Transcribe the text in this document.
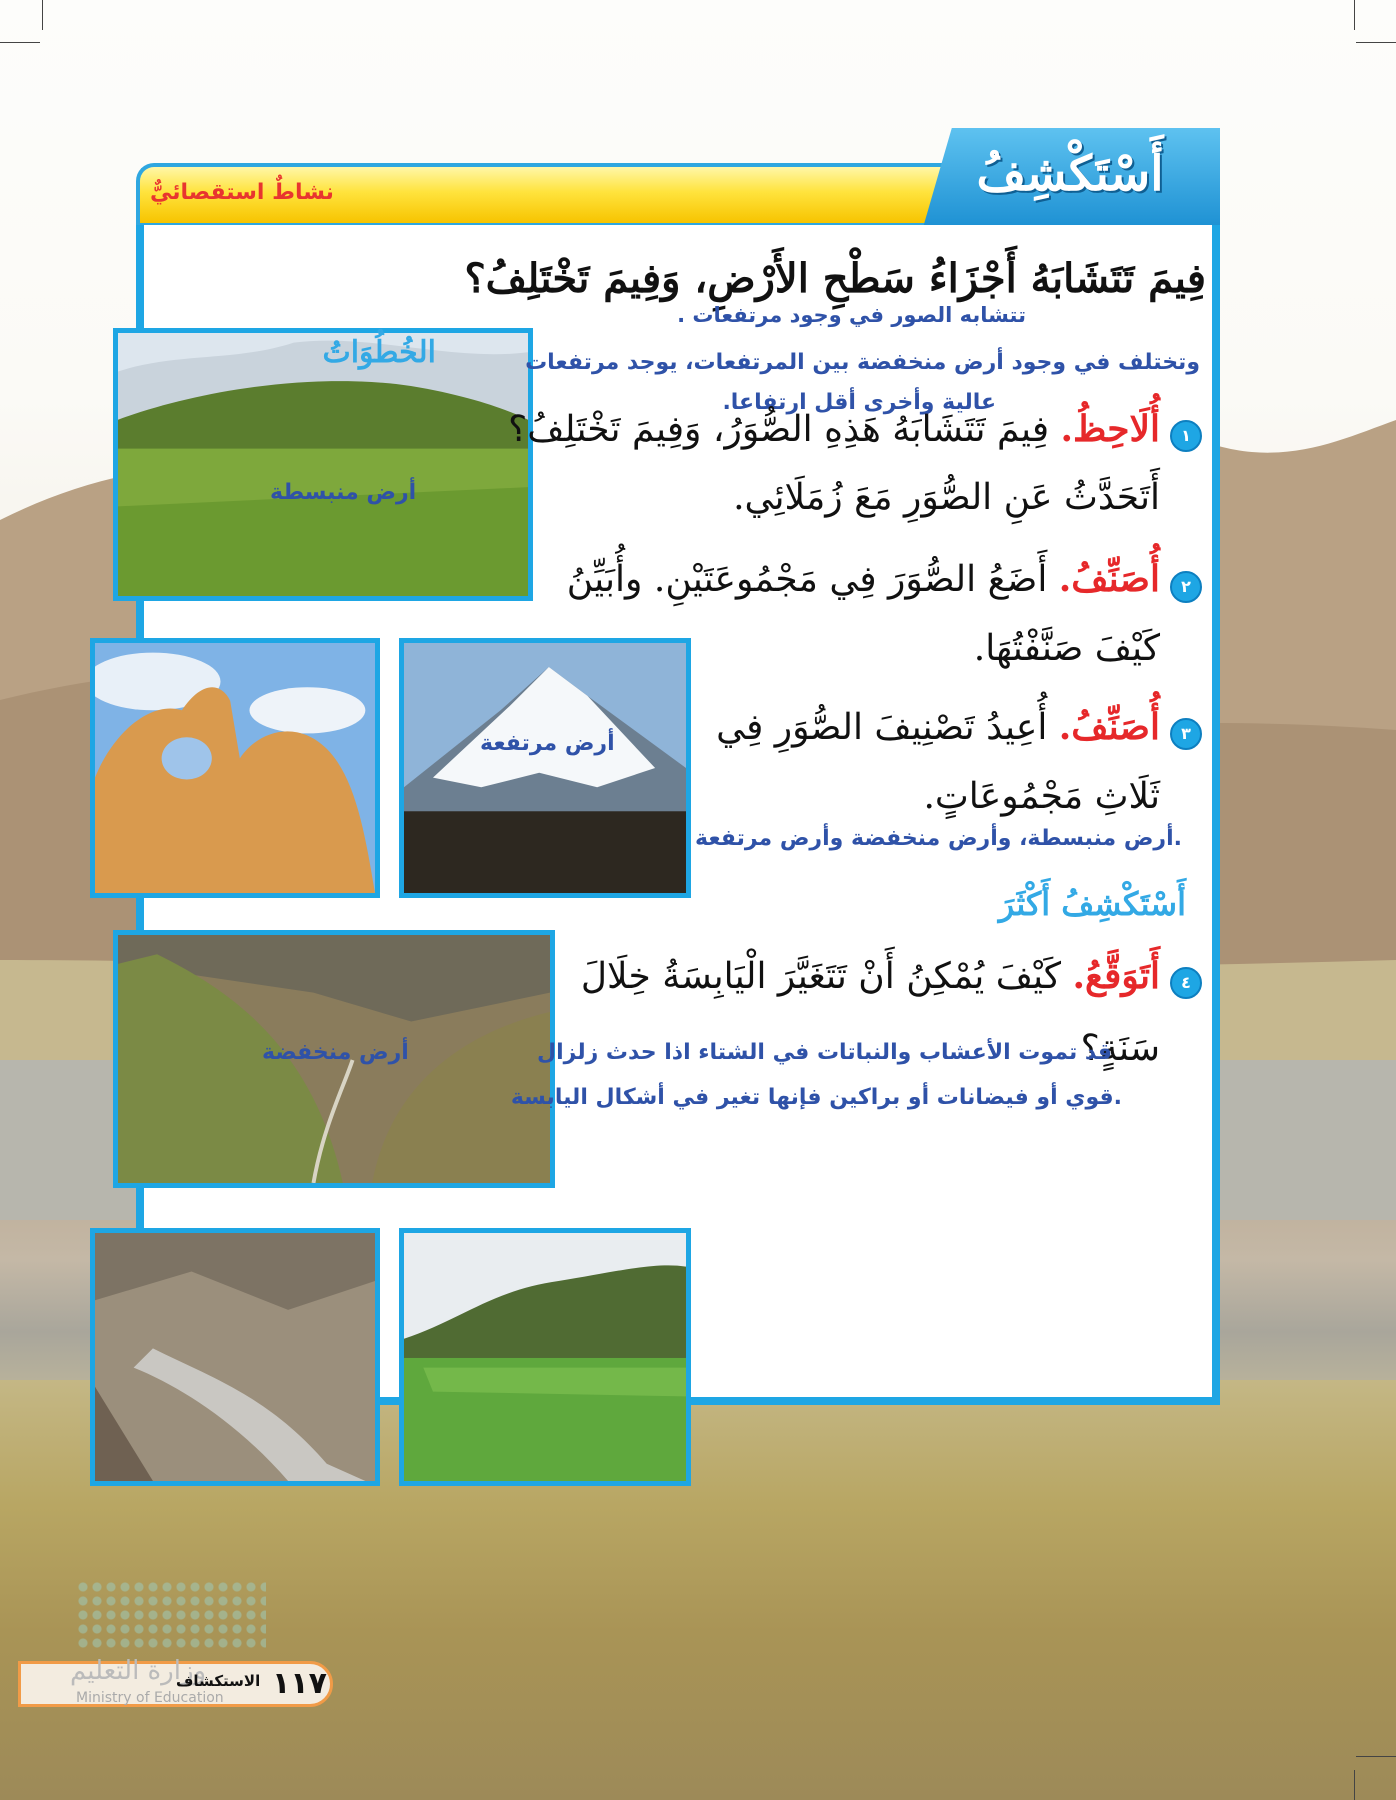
أَسْتَكْشِفُ
نشاطٌ استقصائيٌّ
فِيمَ تَتَشَابَهُ أَجْزَاءُ سَطْحِ الأَرْضِ، وَفِيمَ تَخْتَلِفُ؟
تتشابه الصور في وجود مرتفعات .
أرض منبسطة
أرض مرتفعة
أرض منخفضة
الخُطُوَاتُ	وتختلف في وجود أرض منخفضة بين المرتفعات، يوجد مرتفعات
عالية وأخرى أقل ارتفاعا.
١
أُلَاحِظُ. فِيمَ تَتَشَابَهُ هَذِهِ الصُّوَرُ، وَفِيمَ تَخْتَلِفُ؟
أَتَحَدَّثُ عَنِ الصُّوَرِ مَعَ زُمَلَائِي.
٢
أُصَنِّفُ. أَضَعُ الصُّوَرَ فِي مَجْمُوعَتَيْنِ. وأُبَيِّنُ
كَيْفَ صَنَّفْتُهَا.
٣
أُصَنِّفُ. أُعِيدُ تَصْنِيفَ الصُّوَرِ فِي
ثَلَاثِ مَجْمُوعَاتٍ.
.أرض منبسطة، وأرض منخفضة وأرض مرتفعة
أَسْتَكْشِفُ أَكْثَرَ
٤
أَتَوَقَّعُ. كَيْفَ يُمْكِنُ أَنْ تَتَغَيَّرَ الْيَابِسَةُ خِلَالَ
سَنَةٍ؟
قد تموت الأعشاب والنباتات في الشتاء اذا حدث زلزال
.قوي أو فيضانات أو براكين فإنها تغير في أشكال اليابسة
وزارة التعليم
Ministry of Education
الاستكشاف ١١٧
